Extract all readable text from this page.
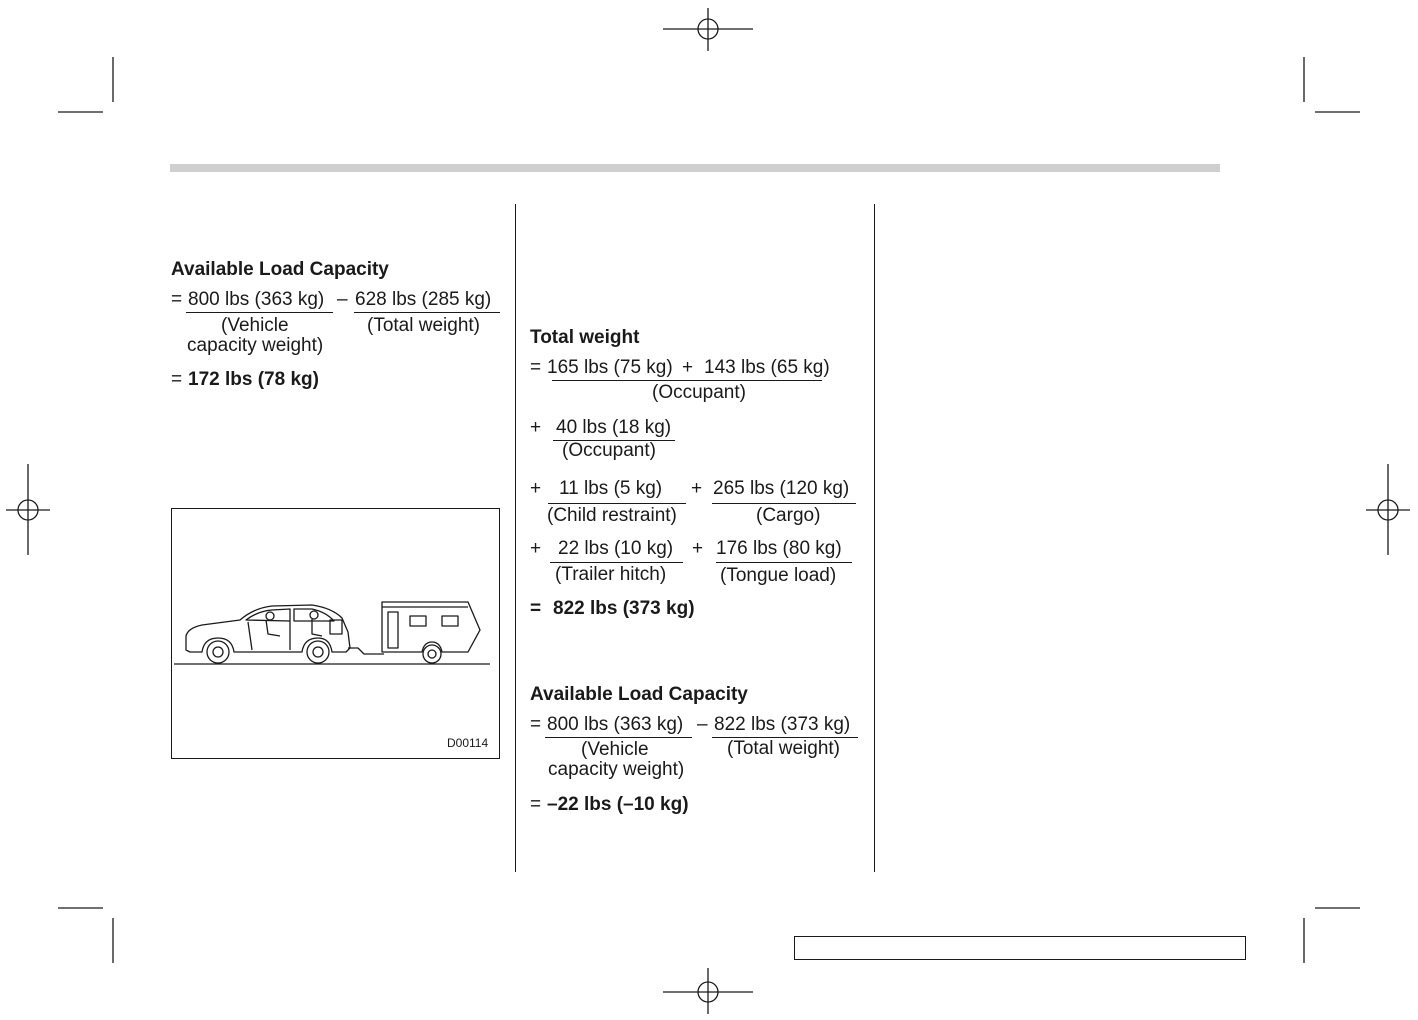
Available Load Capacity
= 800 lbs (363 kg) – 628 lbs (285 kg)
(Vehicle
capacity weight)
(Total weight)
= 172 lbs (78 kg)
D00114
Total weight
= 165 lbs (75 kg) + 143 lbs (65 kg)
(Occupant)
+ 40 lbs (18 kg)
(Occupant)
+ 11 lbs (5 kg) + 265 lbs (120 kg)
(Child restraint)	(Cargo)
+ 22 lbs (10 kg) + 176 lbs (80 kg)
(Trailer hitch)	(Tongue load)
= 822 lbs (373 kg)
Available Load Capacity
= 800 lbs (363 kg) – 822 lbs (373 kg)
(Vehicle
capacity weight)
(Total weight)
= –22 lbs (–10 kg)
